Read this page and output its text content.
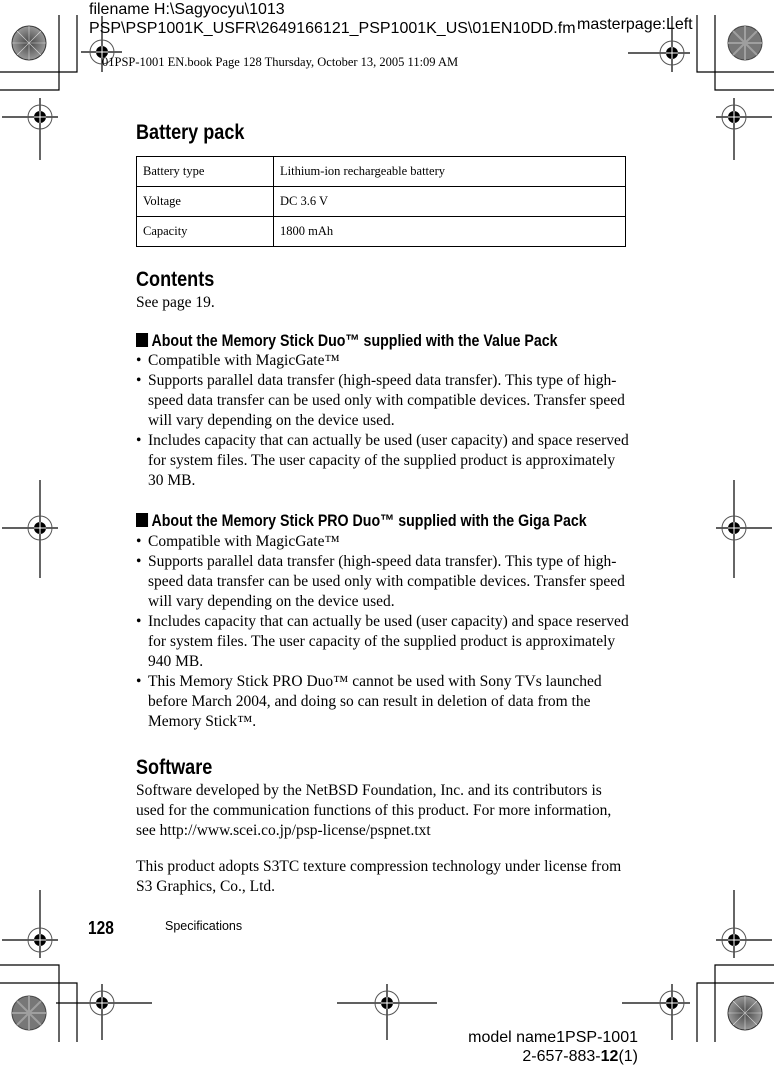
filename H:\Sagyocyu\1013 PSP\PSP1001K_USFR\2649166121_PSP1001K_US\01EN10DD.fm masterpage:Left
01PSP-1001 EN.book Page 128 Thursday, October 13, 2005 11:09 AM
Battery pack
Battery type	Lithium-ion rechargeable battery
Voltage	DC 3.6 V
Capacity	1800 mAh
Contents
See page 19.
About the Memory Stick Duo™ supplied with the Value Pack
• Compatible with MagicGate™
• Supports parallel data transfer (high-speed data transfer). This type of high-speed data transfer can be used only with compatible devices. Transfer speed will vary depending on the device used.
• Includes capacity that can actually be used (user capacity) and space reserved for system files. The user capacity of the supplied product is approximately 30 MB.
About the Memory Stick PRO Duo™ supplied with the Giga Pack
• Compatible with MagicGate™
• Supports parallel data transfer (high-speed data transfer). This type of high-speed data transfer can be used only with compatible devices. Transfer speed will vary depending on the device used.
• Includes capacity that can actually be used (user capacity) and space reserved for system files. The user capacity of the supplied product is approximately 940 MB.
• This Memory Stick PRO Duo™ cannot be used with Sony TVs launched before March 2004, and doing so can result in deletion of data from the Memory Stick™.
Software
Software developed by the NetBSD Foundation, Inc. and its contributors is used for the communication functions of this product. For more information, see http://www.scei.co.jp/psp-license/pspnet.txt
This product adopts S3TC texture compression technology under license from S3 Graphics, Co., Ltd.
128	Specifications
model name1PSP-1001
2-657-883-12(1)
